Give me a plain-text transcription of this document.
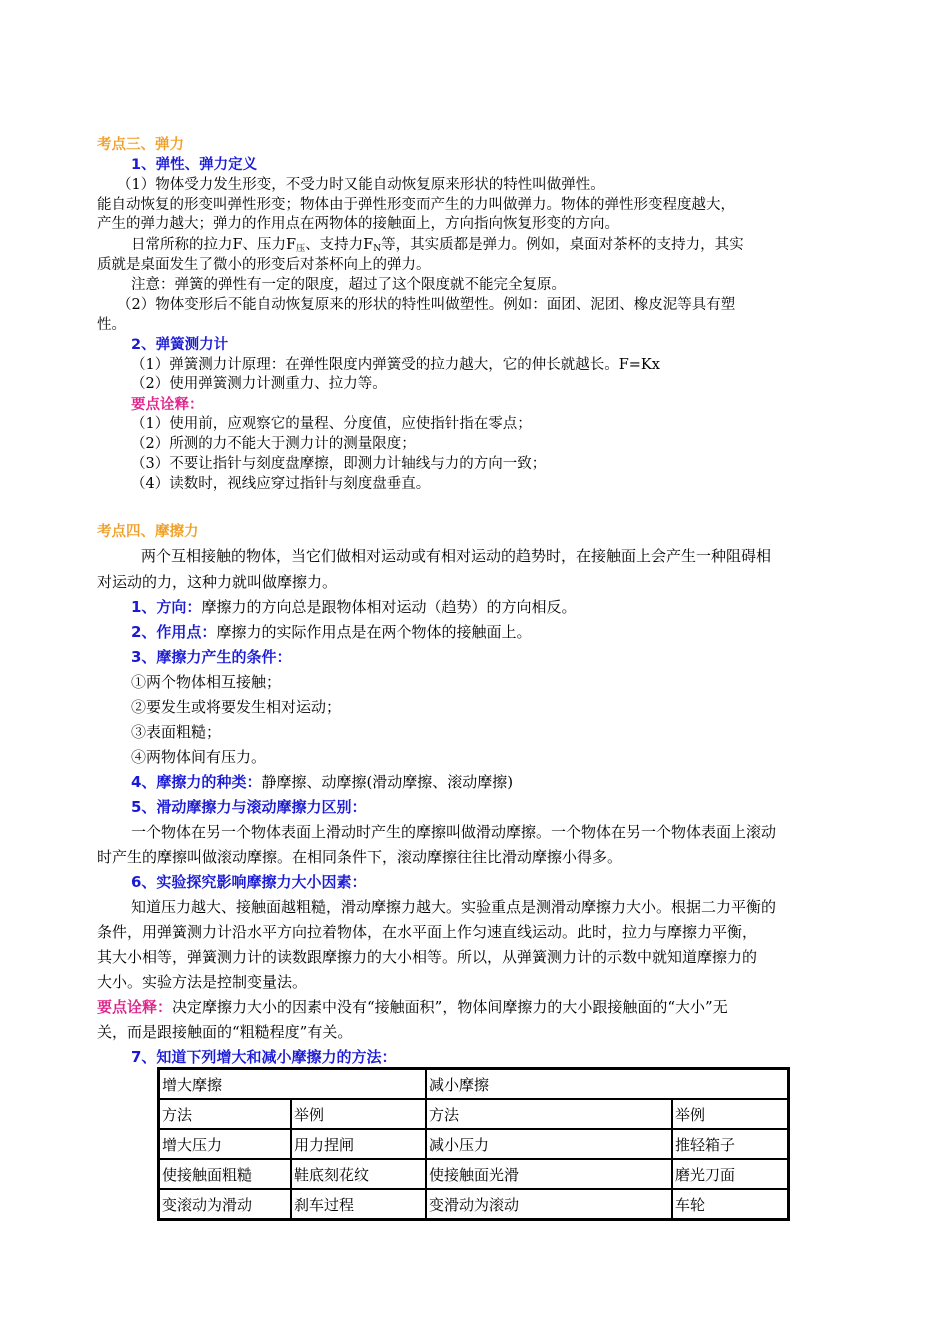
考点三、弹力
1、弹性、弹力定义
（1）物体受力发生形变，不受力时又能自动恢复原来形状的特性叫做弹性。
能自动恢复的形变叫弹性形变；物体由于弹性形变而产生的力叫做弹力。物体的弹性形变程度越大，
产生的弹力越大；弹力的作用点在两物体的接触面上，方向指向恢复形变的方向。
日常所称的拉力F、压力$F_压$、支持力$F_N$等，其实质都是弹力。例如，桌面对茶杯的支持力，其实
质就是桌面发生了微小的形变后对茶杯向上的弹力。
注意：弹簧的弹性有一定的限度，超过了这个限度就不能完全复原。
（2）物体变形后不能自动恢复原来的形状的特性叫做塑性。例如：面团、泥团、橡皮泥等具有塑
性。
2、弹簧测力计
（1）弹簧测力计原理：在弹性限度内弹簧受的拉力越大，它的伸长就越长。F=Kx
（2）使用弹簧测力计测重力、拉力等。
要点诠释：
（1）使用前，应观察它的量程、分度值，应使指针指在零点；
（2）所测的力不能大于测力计的测量限度；
（3）不要让指针与刻度盘摩擦，即测力计轴线与力的方向一致；
（4）读数时，视线应穿过指针与刻度盘垂直。
考点四、摩擦力
两个互相接触的物体，当它们做相对运动或有相对运动的趋势时，在接触面上会产生一种阻碍相
对运动的力，这种力就叫做摩擦力。
1、方向：摩擦力的方向总是跟物体相对运动（趋势）的方向相反。
2、作用点：摩擦力的实际作用点是在两个物体的接触面上。
3、摩擦力产生的条件：
①两个物体相互接触；
②要发生或将要发生相对运动；
③表面粗糙；
④两物体间有压力。
4、摩擦力的种类：静摩擦、动摩擦(滑动摩擦、滚动摩擦)
5、滑动摩擦力与滚动摩擦力区别：
一个物体在另一个物体表面上滑动时产生的摩擦叫做滑动摩擦。一个物体在另一个物体表面上滚动
时产生的摩擦叫做滚动摩擦。在相同条件下，滚动摩擦往往比滑动摩擦小得多。
6、实验探究影响摩擦力大小因素：
知道压力越大、接触面越粗糙，滑动摩擦力越大。实验重点是测滑动摩擦力大小。根据二力平衡的
条件，用弹簧测力计沿水平方向拉着物体，在水平面上作匀速直线运动。此时，拉力与摩擦力平衡，
其大小相等，弹簧测力计的读数跟摩擦力的大小相等。所以，从弹簧测力计的示数中就知道摩擦力的
大小。实验方法是控制变量法。
要点诠释：决定摩擦力大小的因素中没有“接触面积”，物体间摩擦力的大小跟接触面的“大小”无
关，而是跟接触面的“粗糙程度”有关。
7、知道下列增大和减小摩擦力的方法：
增大摩擦		减小摩擦	
方法	举例	方法	举例
增大压力	用力捏闸	减小压力	推轻箱子
使接触面粗糙	鞋底刻花纹	使接触面光滑	磨光刀面
变滚动为滑动	刹车过程	变滑动为滚动	车轮
